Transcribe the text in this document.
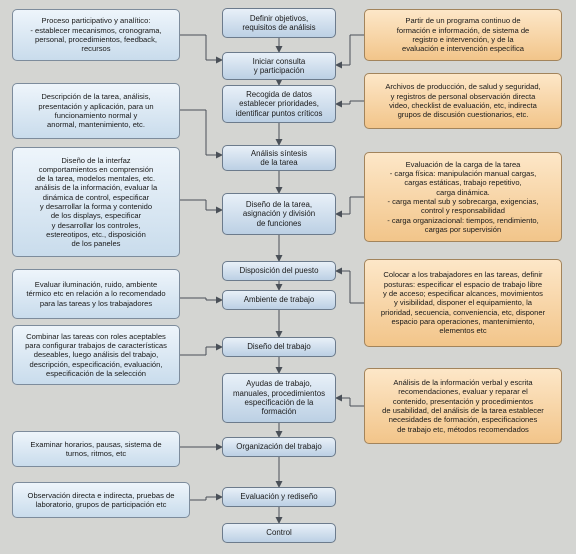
Definir objetivos,
requisitos de análisis
Iniciar consulta
y participación
Recogida de datos
establecer prioridades,
identificar puntos críticos
Análisis síntesis
de la tarea
Diseño de la tarea,
asignación y división
de funciones
Disposición del puesto
Ambiente de trabajo
Diseño del trabajo
Ayudas de trabajo,
manuales, procedimientos
especificación de la
formación
Organización del trabajo
Evaluación y rediseño
Control
Proceso participativo y analítico:
- establecer mecanismos, cronograma,
personal, procedimientos, feedback,
recursos
Descripción de la tarea, análisis,
presentación y aplicación, para un
funcionamiento normal y
anormal, mantenimiento, etc.
Diseño de la interfaz
comportamientos en comprensión
de la tarea, modelos mentales, etc.
análisis de la información, evaluar la
dinámica de control, especificar
y desarrollar la forma y contenido
de los displays, especificar
y desarrollar los controles,
estereotipos, etc., disposición
de los paneles
Evaluar iluminación, ruido, ambiente
térmico etc en relación a lo recomendado
para las tareas y los trabajadores
Combinar las tareas con roles aceptables
para configurar trabajos de características
deseables, luego análisis del trabajo,
descripción, especificación, evaluación,
especificación de la selección
Examinar horarios, pausas, sistema de
turnos, ritmos, etc
Observación directa e indirecta, pruebas de
laboratorio, grupos de participación etc
Partir de un programa continuo de
formación e información, de sistema de
registro e intervención, y de la
evaluación e intervención específica
Archivos de producción, de salud y seguridad,
y registros de personal observación directa
video, checklist de evaluación, etc, indirecta
grupos de discusión cuestionarios, etc.
Evaluación de la carga de la tarea
- carga física: manipulación manual cargas,
cargas estáticas, trabajo repetitivo,
carga dinámica.
- carga mental sub y sobrecarga, exigencias,
control y responsabilidad
- carga organizacional: tiempos, rendimiento,
cargas por supervisión
Colocar a los trabajadores en las tareas, definir
posturas: especificar el espacio de trabajo libre
y de acceso; especificar alcances, movimientos
y visibilidad, disponer el equipamiento, la
prioridad, secuencia, conveniencia, etc, disponer
espacio para operaciones, mantenimiento,
elementos etc
Análisis de la información verbal y escrita
recomendaciones, evaluar y reparar el
contenido, presentación y procedimientos
de usabilidad, del análisis de la tarea establecer
necesidades de formación, especificaciones
de trabajo etc, métodos recomendados
